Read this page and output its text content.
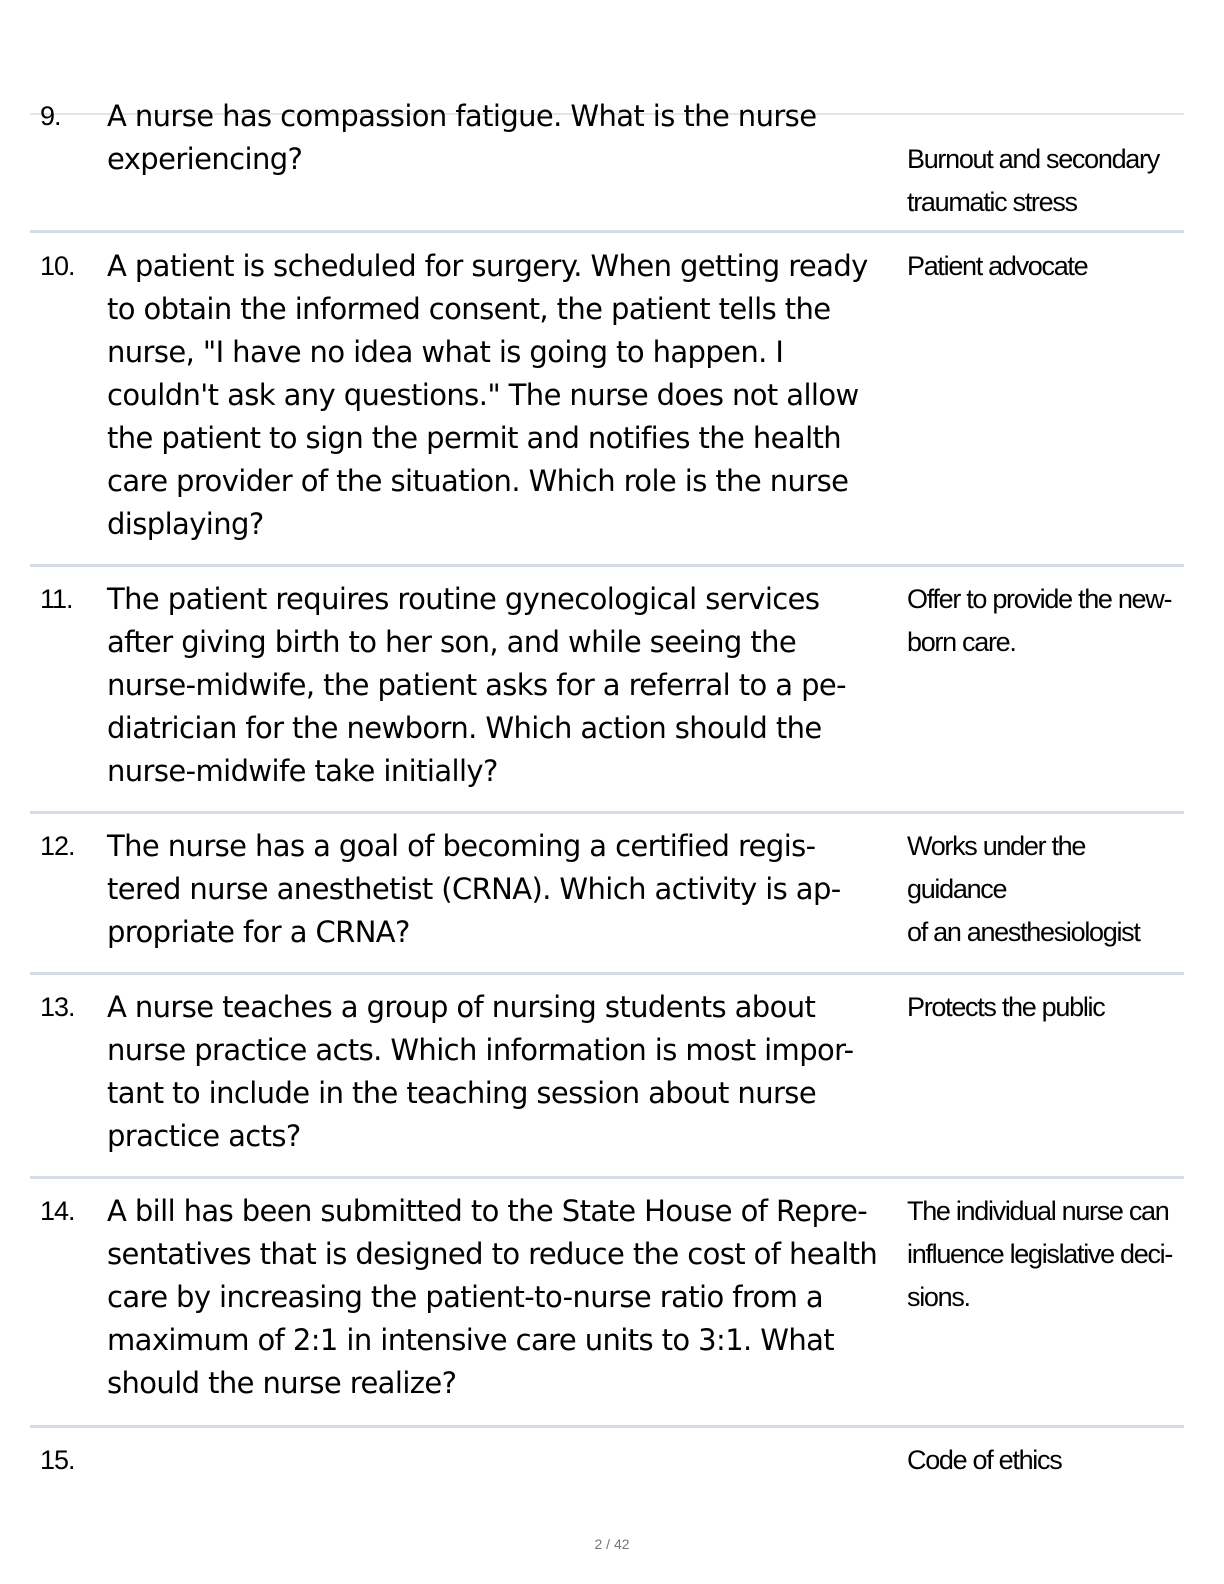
9. A nurse has compassion fatigue. What is the nurse
experiencing?	
Burnout and secondary
traumatic stress
10. A patient is scheduled for surgery. When getting ready
to obtain the informed consent, the patient tells the
nurse, "I have no idea what is going to happen. I
couldn't ask any questions." The nurse does not allow
the patient to sign the permit and notifies the health
care provider of the situation. Which role is the nurse
displaying?
Patient advocate
11. The patient requires routine gynecological services
after giving birth to her son, and while seeing the
nurse-midwife, the patient asks for a referral to a pe-
diatrician for the newborn. Which action should the
nurse-midwife take initially?
Offer to provide the new-
born care.
12. The nurse has a goal of becoming a certified regis-
tered nurse anesthetist (CRNA). Which activity is ap-
propriate for a CRNA?
Works under the guidance
of an anesthesiologist
13. A nurse teaches a group of nursing students about
nurse practice acts. Which information is most impor-
tant to include in the teaching session about nurse
practice acts?
Protects the public
14. A bill has been submitted to the State House of Repre-
sentatives that is designed to reduce the cost of health
care by increasing the patient-to-nurse ratio from a
maximum of 2:1 in intensive care units to 3:1. What
should the nurse realize?
The individual nurse can
influence legislative deci-
sions.
15.	Code of ethics
2 / 42
